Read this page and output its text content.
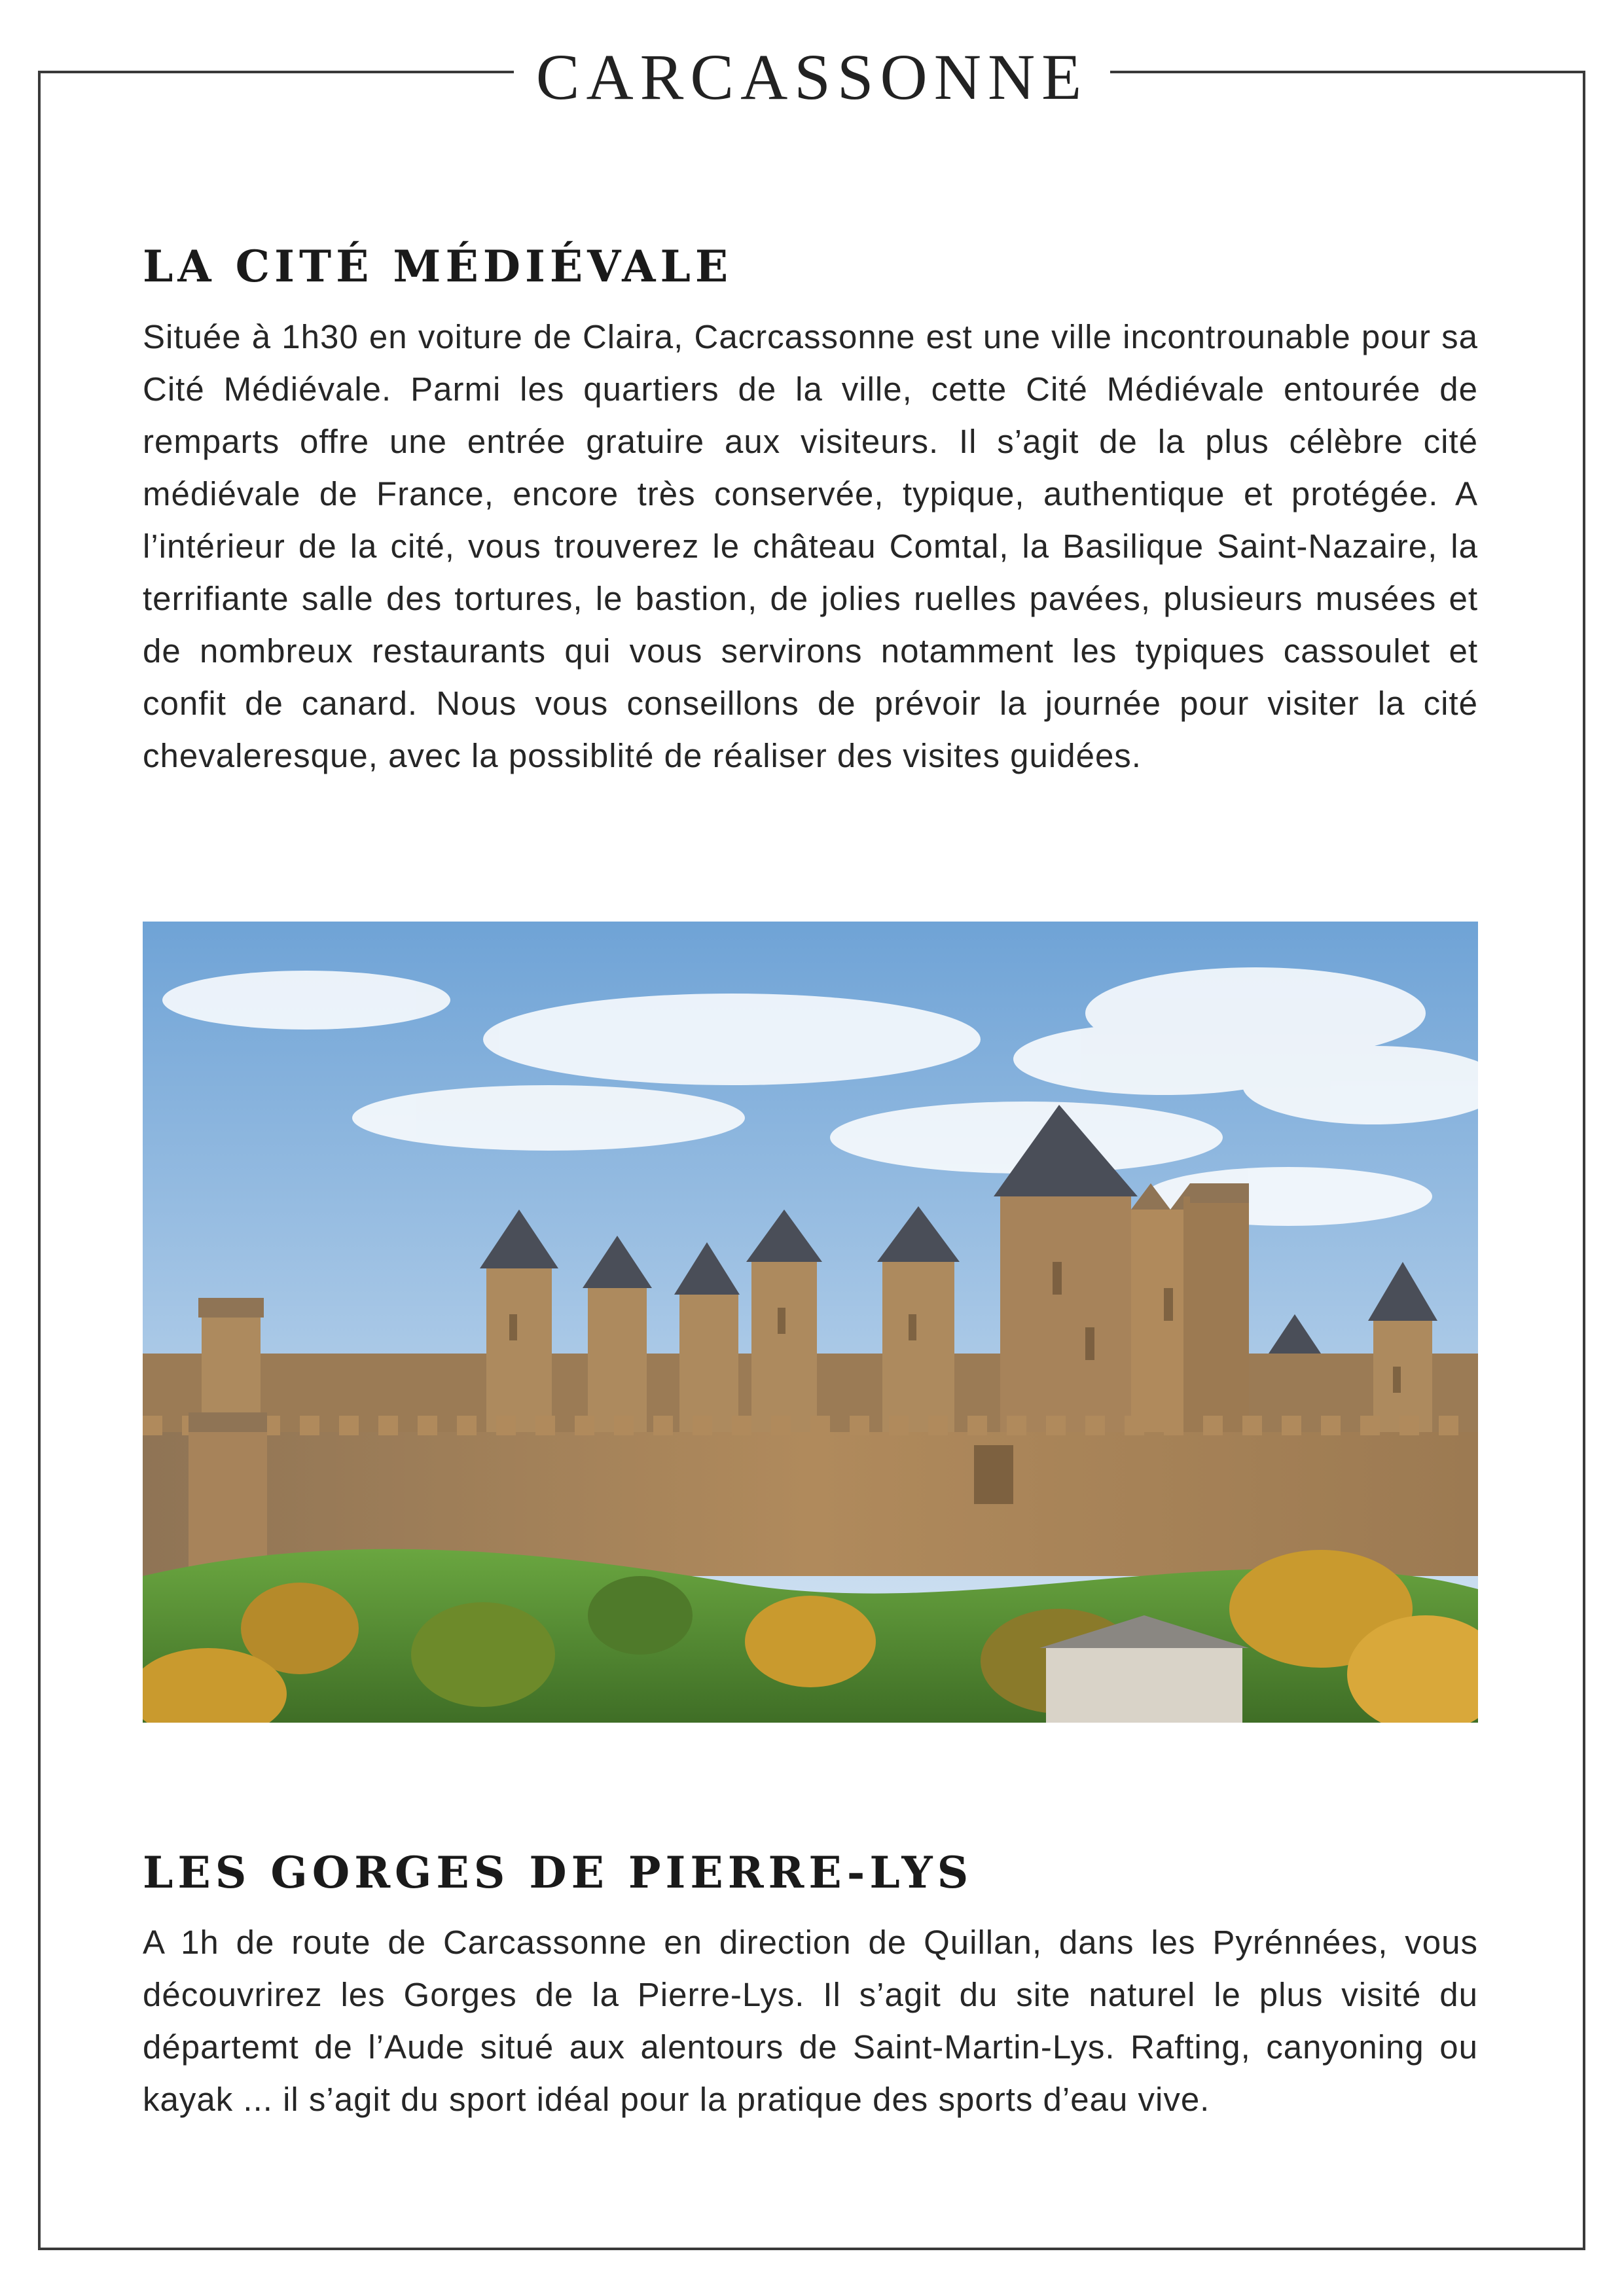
CARCASSONNE
LA CITÉ MÉDIÉVALE

Située à 1h30 en voiture de Claira, Cacrcassonne est une ville incontrounable pour sa Cité Médiévale. Parmi les quartiers de la ville, cette Cité Médiévale entourée de remparts offre une entrée gratuire aux visiteurs. Il s’agit de la plus célèbre cité médiévale de France, encore très conservée, typique, authentique et protégée. A l’intérieur de la cité, vous trouverez le château Comtal, la Basilique Saint-Nazaire, la terrifiante salle des tortures, le bastion, de jolies ruelles pavées, plusieurs musées et de nombreux restaurants qui vous servirons notamment les typiques cassoulet et confit de canard. Nous vous conseillons de prévoir la journée pour visiter la cité chevaleresque, avec la possiblité de réaliser des visites guidées.

LES GORGES DE PIERRE-LYS

A 1h de route de Carcassonne en direction de Quillan, dans les Pyrénnées, vous découvrirez les Gorges de la Pierre-Lys. Il s’agit du site naturel le plus visité du départemt de l’Aude situé aux alentours de Saint-Martin-Lys. Rafting, canyoning ou kayak ... il s’agit du sport idéal pour la pratique des sports d’eau vive.
